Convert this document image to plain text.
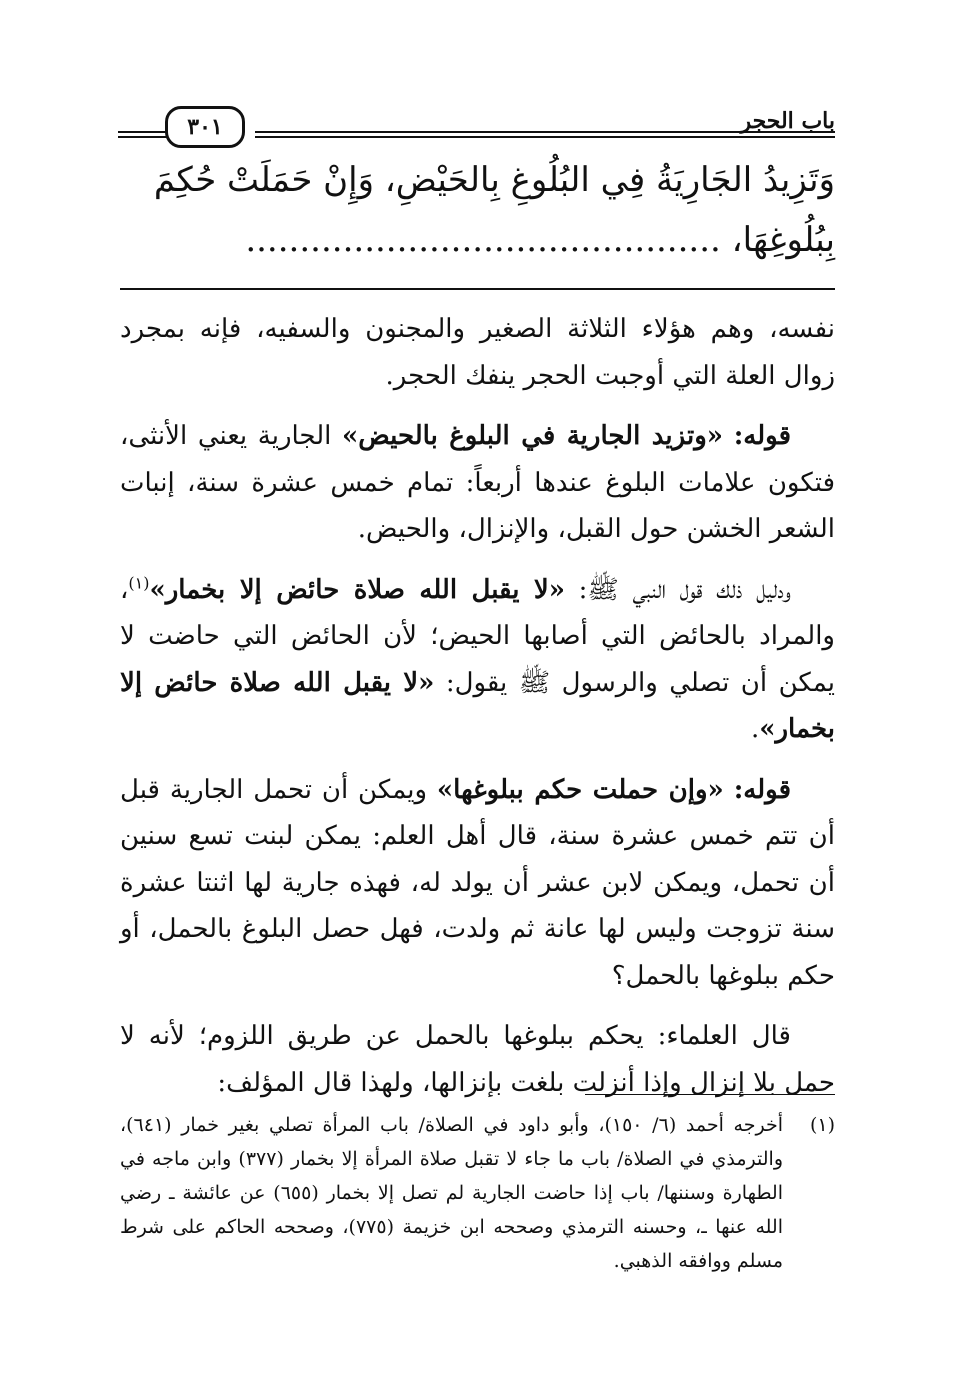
باب الحجر
٣٠١
وَتَزِيدُ الجَارِيَةُ فِي البُلُوغِ بِالحَيْضِ، وَإِنْ حَمَلَتْ حُكِمَ
بِبُلُوغِهَا، ............................................

نفسه، وهم هؤلاء الثلاثة الصغير والمجنون والسفيه، فإنه بمجرد زوال العلة التي أوجبت الحجر ينفك الحجر.

قوله: «وتزيد الجارية في البلوغ بالحيض» الجارية يعني الأنثى، فتكون علامات البلوغ عندها أربعاً: تمام خمس عشرة سنة، إنبات الشعر الخشن حول القبل، والإنزال، والحيض.

ودليل ذلك قول النبي ﷺ: «لا يقبل الله صلاة حائض إلا بخمار»$^{(١)}$، والمراد بالحائض التي أصابها الحيض؛ لأن الحائض التي حاضت لا يمكن أن تصلي والرسول ﷺ يقول: «لا يقبل الله صلاة حائض إلا بخمار».

قوله: «وإن حملت حكم ببلوغها» ويمكن أن تحمل الجارية قبل أن تتم خمس عشرة سنة، قال أهل العلم: يمكن لبنت تسع سنين أن تحمل، ويمكن لابن عشر أن يولد له، فهذه جارية لها اثنتا عشرة سنة تزوجت وليس لها عانة ثم ولدت، فهل حصل البلوغ بالحمل، أو حكم ببلوغها بالحمل؟

قال العلماء: يحكم ببلوغها بالحمل عن طريق اللزوم؛ لأنه لا حمل بلا إنزال وإذا أنزلت بلغت بإنزالها، ولهذا قال المؤلف:

(١)
أخرجه أحمد (٦/ ١٥٠)، وأبو داود في الصلاة/ باب المرأة تصلي بغير خمار (٦٤١)، والترمذي في الصلاة/ باب ما جاء لا تقبل صلاة المرأة إلا بخمار (٣٧٧) وابن ماجه في الطهارة وسننها/ باب إذا حاضت الجارية لم تصل إلا بخمار (٦٥٥) عن عائشة ـ رضي الله عنها ـ، وحسنه الترمذي وصححه ابن خزيمة (٧٧٥)، وصححه الحاكم على شرط مسلم ووافقه الذهبي.
